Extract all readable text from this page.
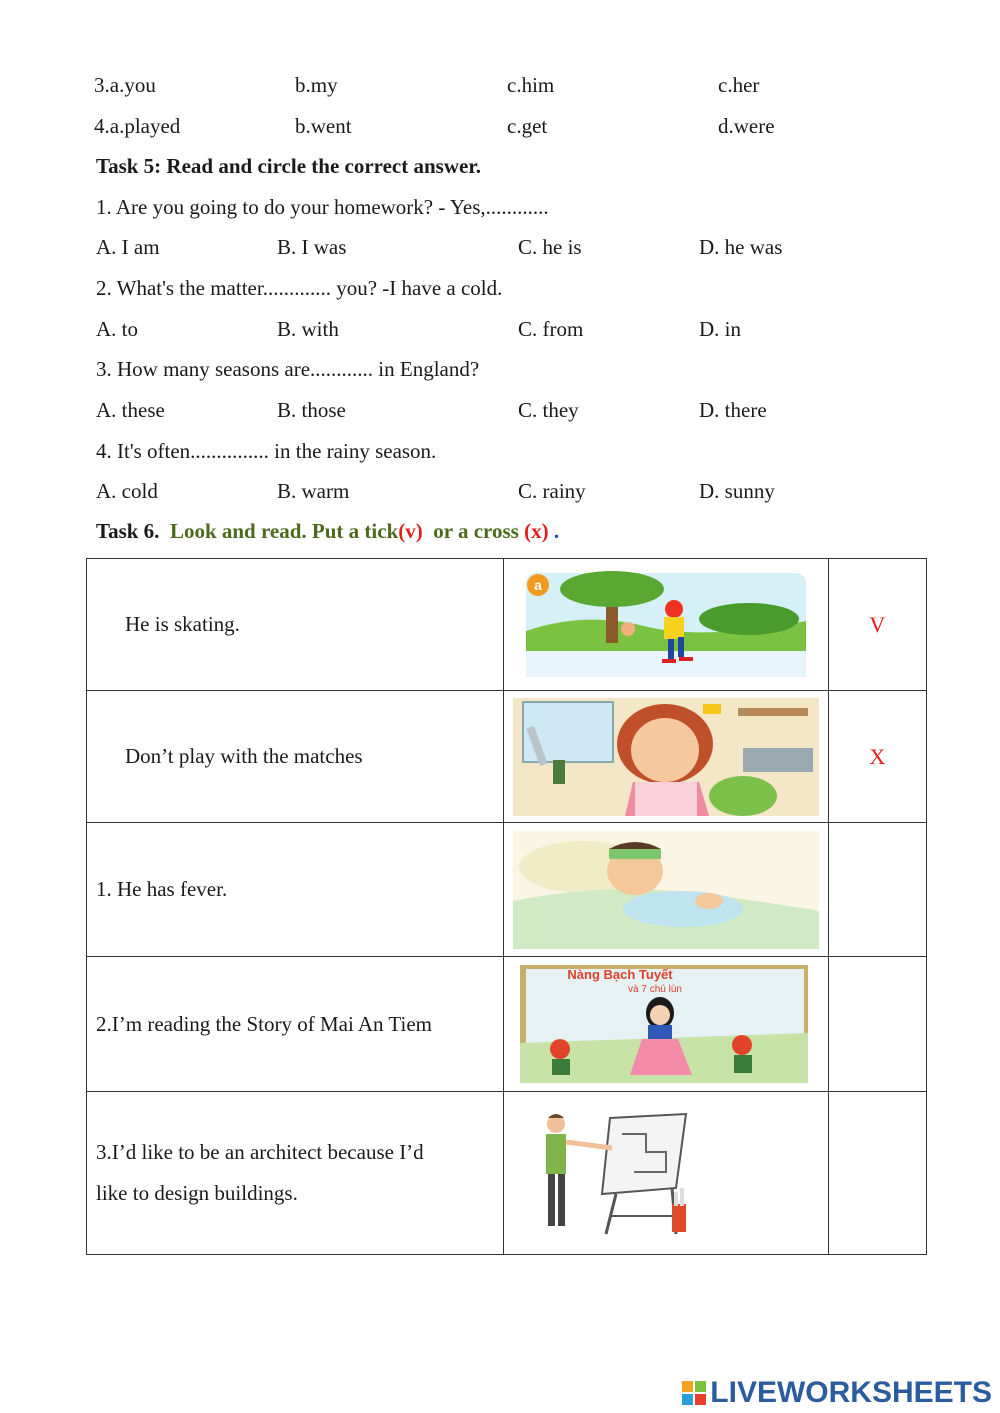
3.a.you	b.my	c.him	c.her
4.a.played	b.went	c.get	d.were
Task 5: Read and circle the correct answer.
1. Are you going to do your homework? - Yes,............
A. I am	B. I was	C. he is	D. he was
2. What's the matter............. you? -I have a cold.
A. to	B. with	C. from	D. in
3. How many seasons are............ in England?
A. these	B. those	C. they	D. there
4. It's often............... in the rainy season.
A. cold	B. warm	C. rainy	D. sunny
Task 6. Look and read. Put a tick(v) or a cross (x) .
He is skating.	a	V

Don’t play with the matches		X

1. He has fever.

2.I’m reading the Story of Mai An Tiem	Nàng Bạch Tuyết
và 7 chú lùn	

3.I’d like to be an architect because I’d
like to design buildings.

LIVEWORKSHEETS
